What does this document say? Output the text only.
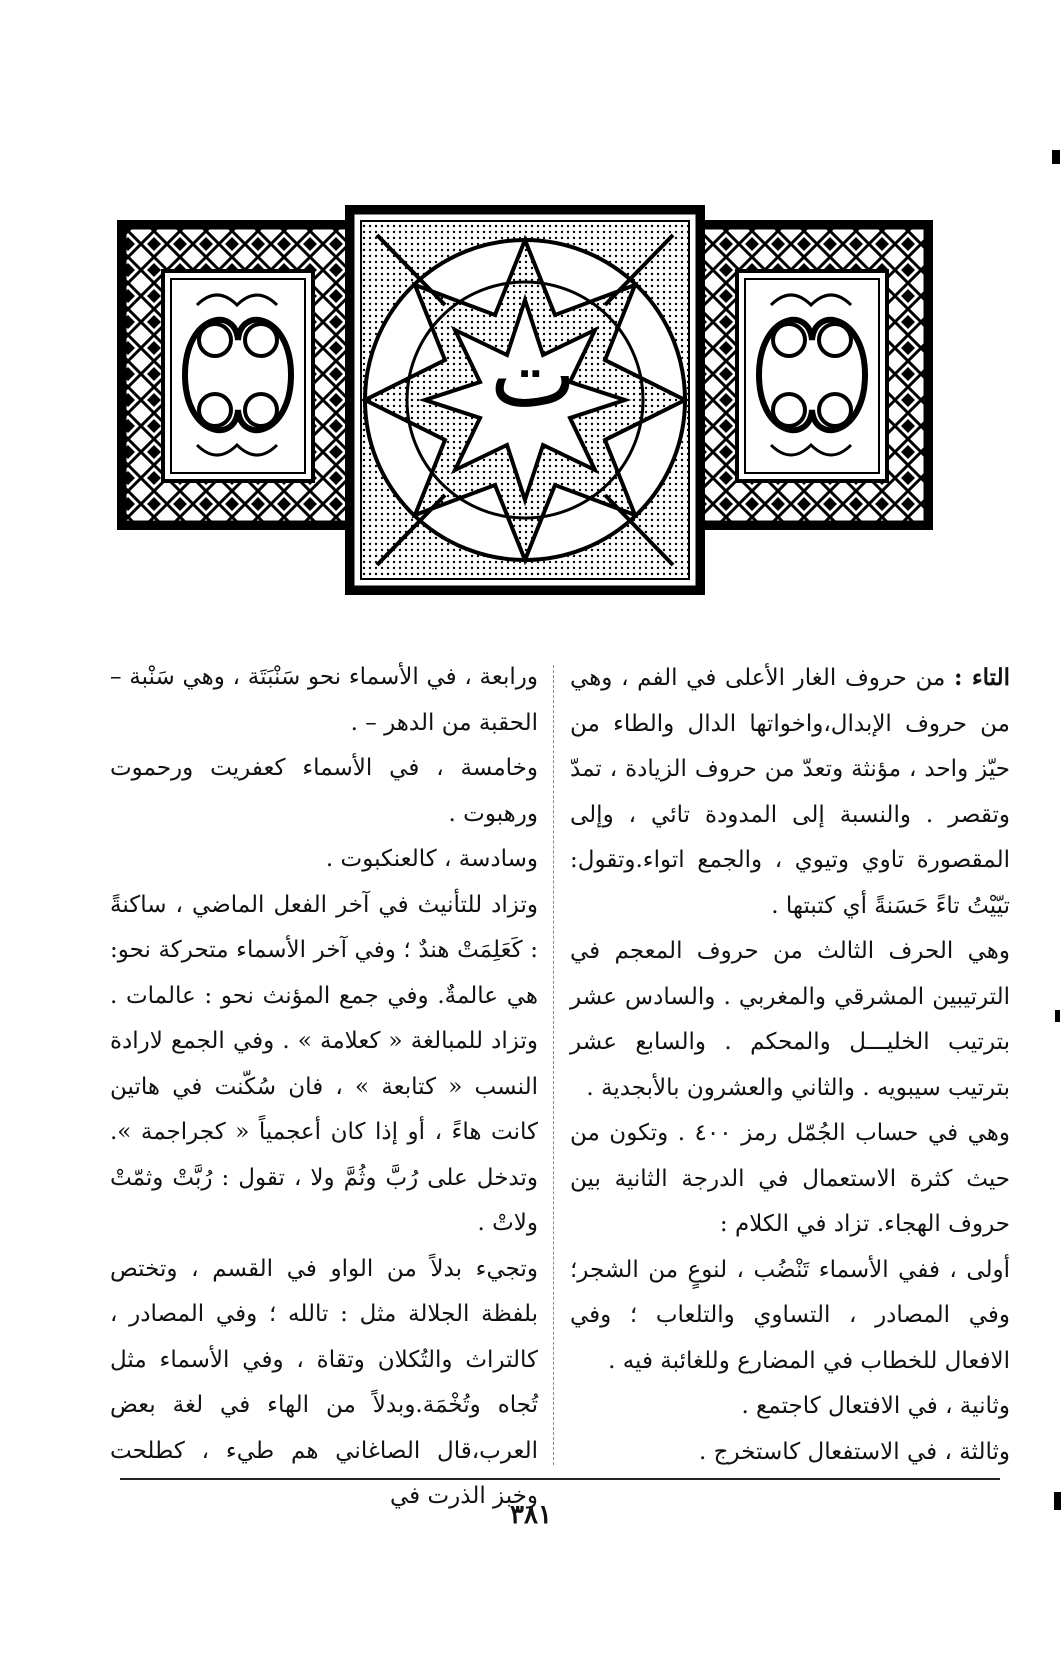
ت

التاء : من حروف الغار الأعلى في الفم ، وهي من حروف الإبدال،واخواتها الدال والطاء من حيّز واحد ، مؤنثة وتعدّ من حروف الزيادة ، تمدّ وتقصر . والنسبة إلى المدودة تائي ، وإلى المقصورة تاوي وتيوي ، والجمع اتواء.وتقول: تيّيْتُ تاءً حَسَنةً أي كتبتها .

وهي الحرف الثالث من حروف المعجم في الترتيبين المشرقي والمغربي . والسادس عشر بترتيب الخليـــل والمحكم . والسابع عشر بترتيب سيبويه . والثاني والعشرون بالأبجدية .

وهي في حساب الجُمّل رمز ٤٠٠ . وتكون من حيث كثرة الاستعمال في الدرجة الثانية بين حروف الهجاء. تزاد في الكلام :

أولى ، ففي الأسماء تَنْضُب ، لنوعٍ من الشجر؛ وفي المصادر ، التساوي والتلعاب ؛ وفي الافعال للخطاب في المضارع وللغائبة فيه .

وثانية ، في الافتعال كاجتمع .

وثالثة ، في الاستفعال كاستخرج .

ورابعة ، في الأسماء نحو سَنْبَتَة ، وهي سَنْبة – الحقبة من الدهر – .

وخامسة ، في الأسماء كعفريت ورحموت ورهبوت .

وسادسة ، كالعنكبوت .

وتزاد للتأنيث في آخر الفعل الماضي ، ساكنةً : كَعَلِمَتْ هندٌ ؛ وفي آخر الأسماء متحركة نحو: هي عالمةٌ. وفي جمع المؤنث نحو : عالمات . وتزاد للمبالغة « كعلامة » . وفي الجمع لارادة النسب « كتابعة » ، فان سُكّنت في هاتين كانت هاءً ، أو إذا كان أعجمياً « كجراجمة ». وتدخل على رُبَّ وثُمَّ ولا ، تقول : رُبَّتْ وثمّتْ ولاتْ .

وتجيء بدلاً من الواو في القسم ، وتختص بلفظة الجلالة مثل : تالله ؛ وفي المصادر ، كالتراث والتُكلان وتقاة ، وفي الأسماء مثل تُجاه وتُخْمَة.وبدلاً من الهاء في لغة بعض العرب،قال الصاغاني هم طيء ، كطلحت وخبز الذرت في

٣٨١
